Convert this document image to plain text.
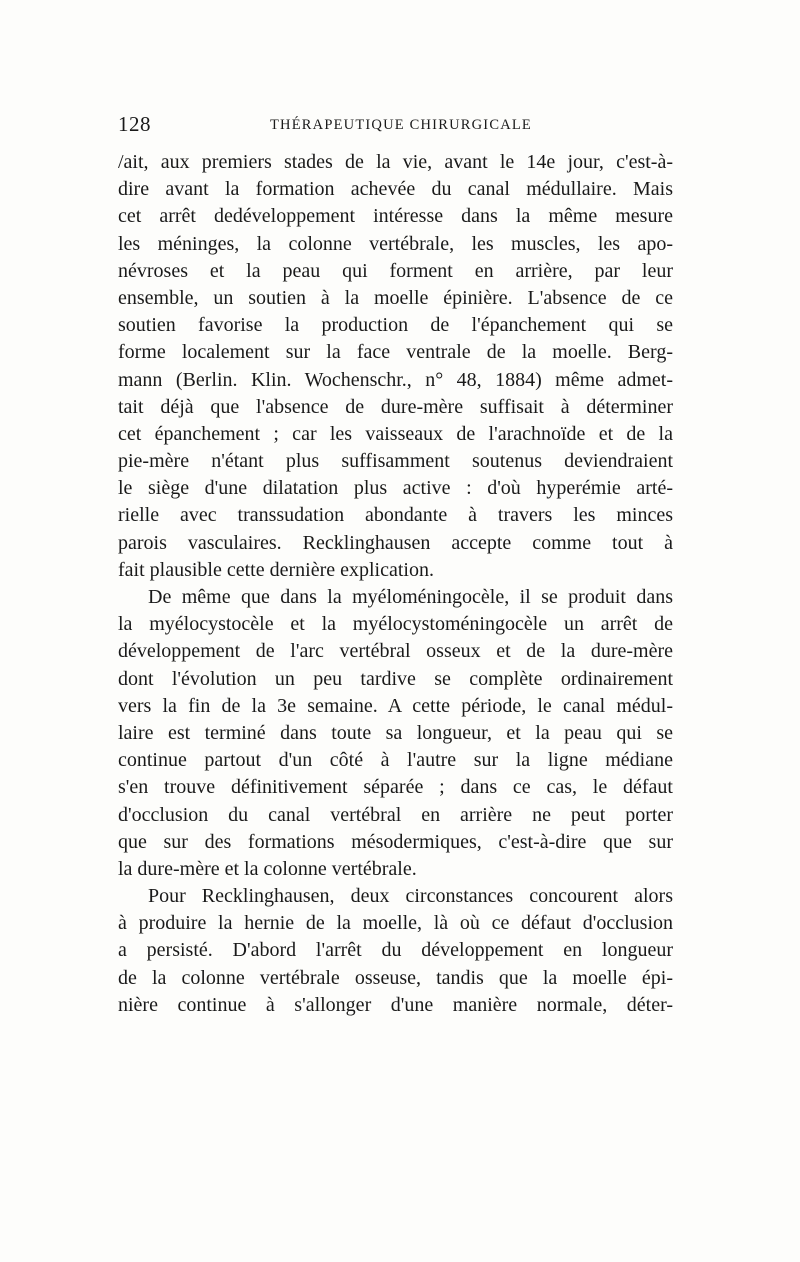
128	THÉRAPEUTIQUE CHIRURGICALE
/ait, aux premiers stades de la vie, avant le 14e jour, c'est-à-
dire avant la formation achevée du canal médullaire. Mais
cet arrêt dedéveloppement intéresse dans la même mesure
les méninges, la colonne vertébrale, les muscles, les apo-
névroses et la peau qui forment en arrière, par leur
ensemble, un soutien à la moelle épinière. L'absence de ce
soutien favorise la production de l'épanchement qui se
forme localement sur la face ventrale de la moelle. Berg-
mann (Berlin. Klin. Wochenschr., n° 48, 1884) même admet-
tait déjà que l'absence de dure-mère suffisait à déterminer
cet épanchement ; car les vaisseaux de l'arachnoïde et de la
pie-mère n'étant plus suffisamment soutenus deviendraient
le siège d'une dilatation plus active : d'où hyperémie arté-
rielle avec transsudation abondante à travers les minces
parois vasculaires. Recklinghausen accepte comme tout à
fait plausible cette dernière explication.
De même que dans la myéloméningocèle, il se produit dans
la myélocystocèle et la myélocystoméningocèle un arrêt de
développement de l'arc vertébral osseux et de la dure-mère
dont l'évolution un peu tardive se complète ordinairement
vers la fin de la 3e semaine. A cette période, le canal médul-
laire est terminé dans toute sa longueur, et la peau qui se
continue partout d'un côté à l'autre sur la ligne médiane
s'en trouve définitivement séparée ; dans ce cas, le défaut
d'occlusion du canal vertébral en arrière ne peut porter
que sur des formations mésodermiques, c'est-à-dire que sur
la dure-mère et la colonne vertébrale.
Pour Recklinghausen, deux circonstances concourent alors
à produire la hernie de la moelle, là où ce défaut d'occlusion
a persisté. D'abord l'arrêt du développement en longueur
de la colonne vertébrale osseuse, tandis que la moelle épi-
nière continue à s'allonger d'une manière normale, déter-
